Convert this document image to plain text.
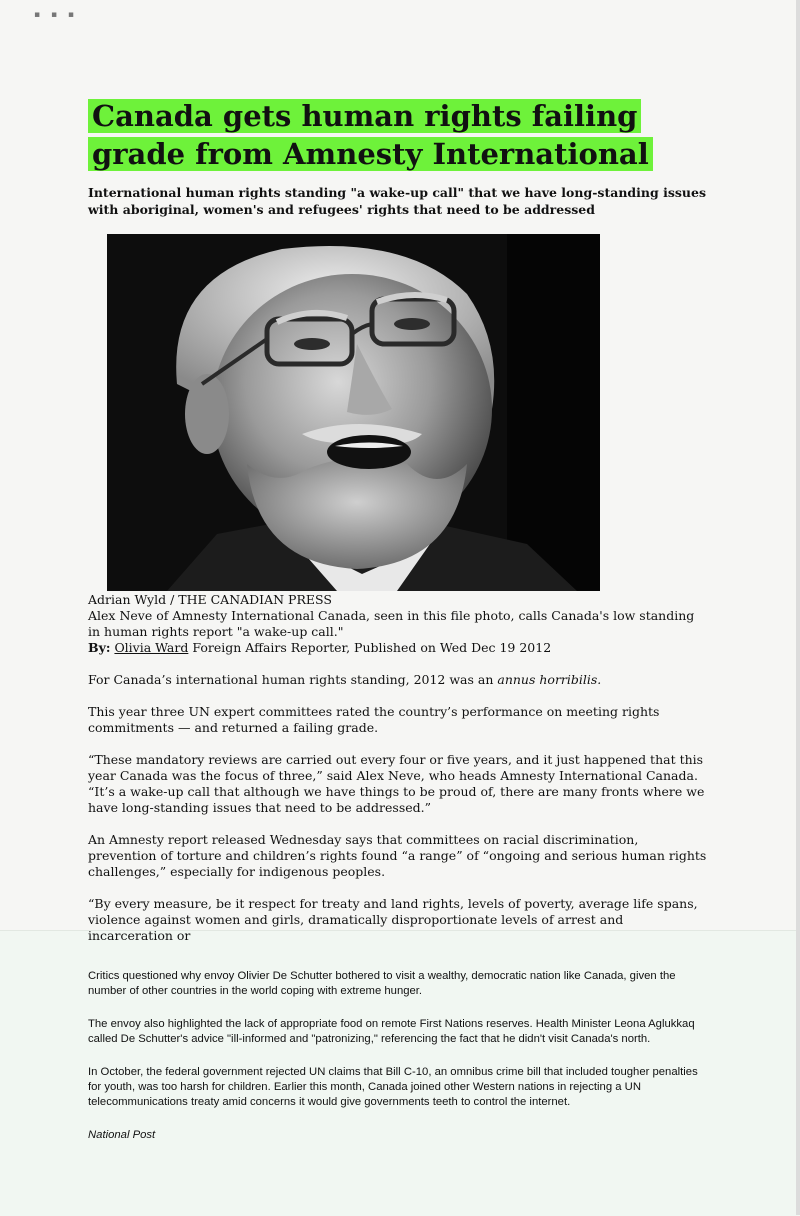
▪ ▪ ▪
Canada gets human rights failing
grade from Amnesty International

International human rights standing "a wake-up call" that we have long-standing issues with aboriginal, women's and refugees' rights that need to be addressed

Adrian Wyld / THE CANADIAN PRESS

Alex Neve of Amnesty International Canada, seen in this file photo, calls Canada's low standing in human rights report "a wake-up call."

By: Olivia Ward Foreign Affairs Reporter, Published on Wed Dec 19 2012

For Canada’s international human rights standing, 2012 was an annus horribilis.

This year three UN expert committees rated the country’s performance on meeting rights commitments — and returned a failing grade.

“These mandatory reviews are carried out every four or five years, and it just happened that this year Canada was the focus of three,” said Alex Neve, who heads Amnesty International Canada. “It’s a wake-up call that although we have things to be proud of, there are many fronts where we have long-standing issues that need to be addressed.”

An Amnesty report released Wednesday says that committees on racial discrimination, prevention of torture and children’s rights found “a range” of “ongoing and serious human rights challenges,” especially for indigenous peoples.

“By every measure, be it respect for treaty and land rights, levels of poverty, average life spans, violence against women and girls, dramatically disproportionate levels of arrest and incarceration or

Critics questioned why envoy Olivier De Schutter bothered to visit a wealthy, democratic nation like Canada, given the number of other countries in the world coping with extreme hunger.

The envoy also highlighted the lack of appropriate food on remote First Nations reserves. Health Minister Leona Aglukkaq called De Schutter's advice "ill-informed and "patronizing," referencing the fact that he didn't visit Canada's north.

In October, the federal government rejected UN claims that Bill C-10, an omnibus crime bill that included tougher penalties for youth, was too harsh for children. Earlier this month, Canada joined other Western nations in rejecting a UN telecommunications treaty amid concerns it would give governments teeth to control the internet.

National Post
